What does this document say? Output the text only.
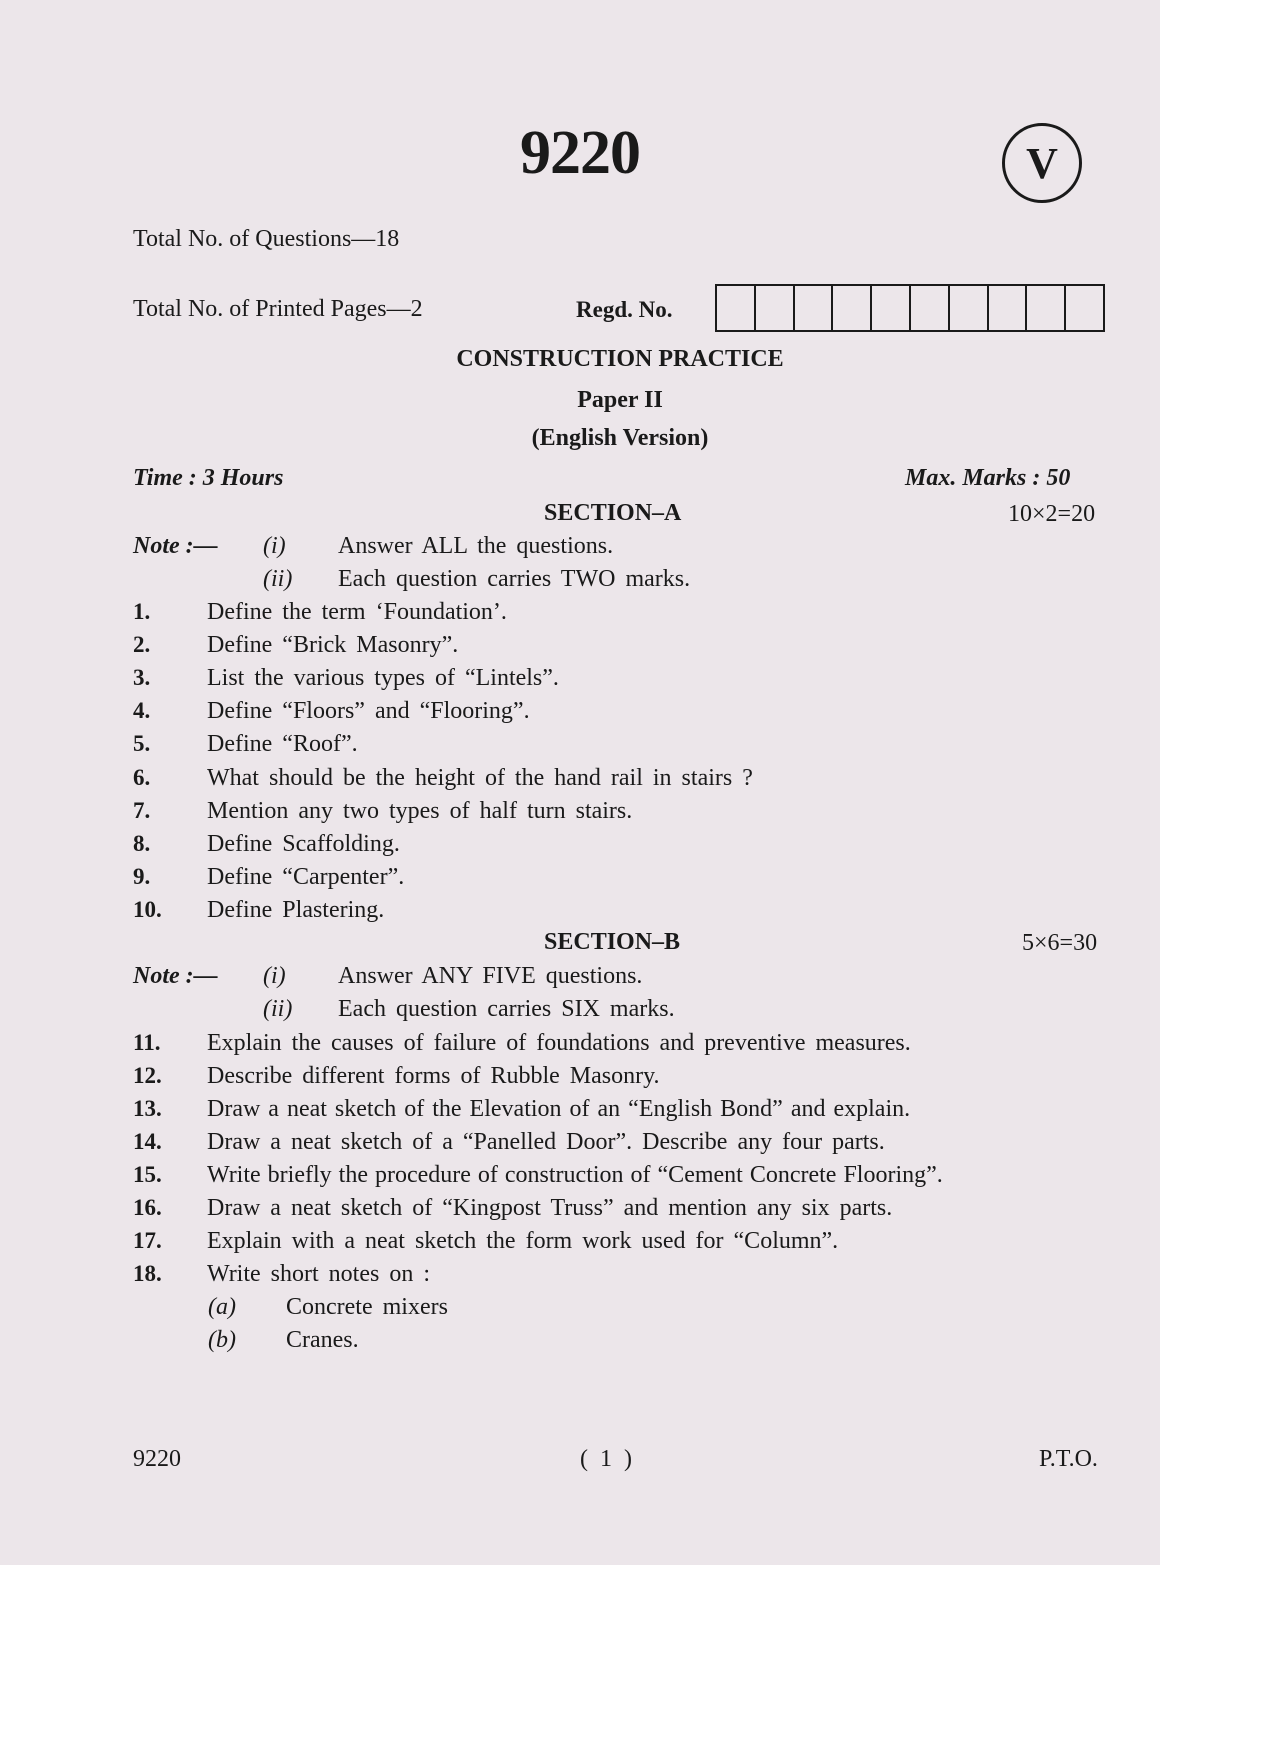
9220	V
Total No. of Questions—18
Total No. of Printed Pages—2	Regd. No.
CONSTRUCTION PRACTICE
Paper II
(English Version)
Time : 3 Hours	Max. Marks : 50
SECTION–A	10×2=20
Note :—	(i)	Answer ALL the questions.
(ii)	Each question carries TWO marks.
1.	Define the term ‘Foundation’.
2.	Define “Brick Masonry”.
3.	List the various types of “Lintels”.
4.	Define “Floors” and “Flooring”.
5.	Define “Roof”.
6.	What should be the height of the hand rail in stairs ?
7.	Mention any two types of half turn stairs.
8.	Define Scaffolding.
9.	Define “Carpenter”.
10.	Define Plastering.
SECTION–B	5×6=30
Note :—	(i)	Answer ANY FIVE questions.
(ii)	Each question carries SIX marks.
11.	Explain the causes of failure of foundations and preventive measures.
12.	Describe different forms of Rubble Masonry.
13.	Draw a neat sketch of the Elevation of an “English Bond” and explain.
14.	Draw a neat sketch of a “Panelled Door”. Describe any four parts.
15.	Write briefly the procedure of construction of “Cement Concrete Flooring”.
16.	Draw a neat sketch of “Kingpost Truss” and mention any six parts.
17.	Explain with a neat sketch the form work used for “Column”.
18.	Write short notes on :
(a)	Concrete mixers
(b)	Cranes.
9220	( 1 )	P.T.O.
